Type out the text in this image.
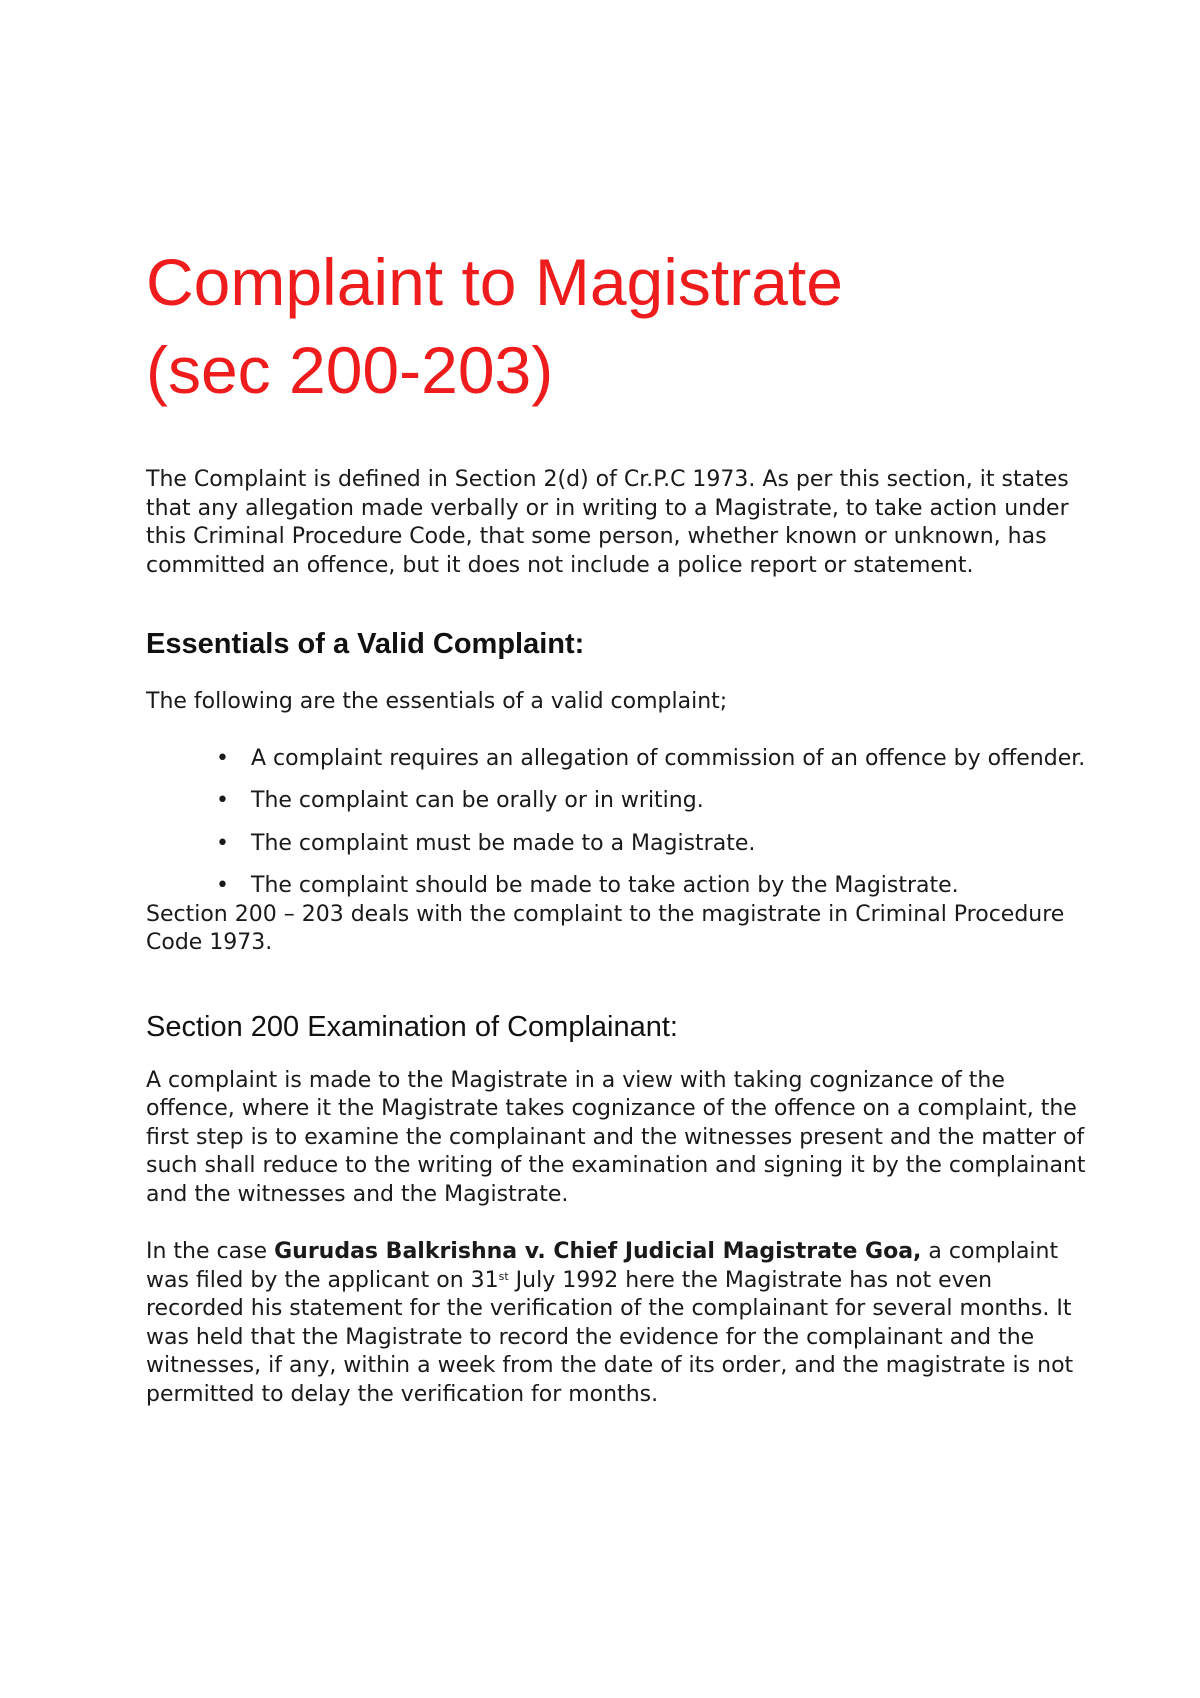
Complaint to Magistrate
(sec 200-203)

The Complaint is defined in Section 2(d) of Cr.P.C 1973. As per this section, it states that any allegation made verbally or in writing to a Magistrate, to take action under this Criminal Procedure Code, that some person, whether known or unknown, has committed an offence, but it does not include a police report or statement.

Essentials of a Valid Complaint:

The following are the essentials of a valid complaint;

• A complaint requires an allegation of commission of an offence by offender.
• The complaint can be orally or in writing.
• The complaint must be made to a Magistrate.
• The complaint should be made to take action by the Magistrate.

Section 200 – 203 deals with the complaint to the magistrate in Criminal Procedure Code 1973.

Section 200 Examination of Complainant:

A complaint is made to the Magistrate in a view with taking cognizance of the offence, where it the Magistrate takes cognizance of the offence on a complaint, the first step is to examine the complainant and the witnesses present and the matter of such shall reduce to the writing of the examination and signing it by the complainant and the witnesses and the Magistrate.

In the case Gurudas Balkrishna v. Chief Judicial Magistrate Goa, a complaint was filed by the applicant on 31st July 1992 here the Magistrate has not even recorded his statement for the verification of the complainant for several months. It was held that the Magistrate to record the evidence for the complainant and the witnesses, if any, within a week from the date of its order, and the magistrate is not permitted to delay the verification for months.
